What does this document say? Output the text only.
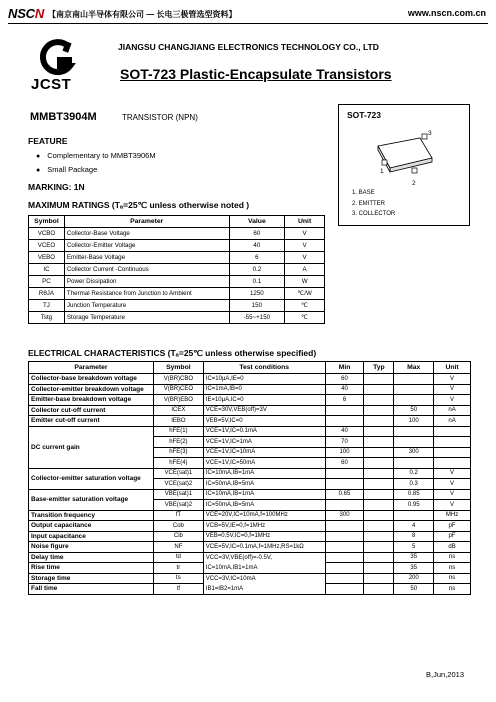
NSCN 【南京南山半导体有限公司 — 长电三极管选型资料】	www.nscn.com.cn
JCST
JIANGSU CHANGJIANG ELECTRONICS TECHNOLOGY CO., LTD
SOT-723 Plastic-Encapsulate Transistors
MMBT3904M	TRANSISTOR (NPN)	SOT-723
3
1
2
1. BASE
2. EMITTER
3. COLLECTOR
FEATURE
● Complementary to MMBT3906M
● Small Package
MARKING: 1N
MAXIMUM RATINGS (Tₐ=25℃ unless otherwise noted )
Symbol	Parameter	Value	Unit
VCBO	Collector-Base Voltage	60	V
VCEO	Collector-Emitter Voltage	40	V
VEBO	Emitter-Base Voltage	6	V
IC	Collector Current -Continuous	0.2	A
PC	Power Dissipation	0.1	W
RθJA	Thermal Resistance from Junction to Ambient	1250	℃/W
TJ	Junction Temperature	150	℃
Tstg	Storage Temperature	-55~+150	℃
ELECTRICAL CHARACTERISTICS (Tₐ=25℃ unless otherwise specified)
Parameter	Symbol	Test conditions	Min	Typ	Max	Unit
Collector-base breakdown voltage	V(BR)CBO	IC=10μA,IE=0	60			V
Collector-emitter breakdown voltage	V(BR)CEO	IC=1mA,IB=0	40			V
Emitter-base breakdown voltage	V(BR)EBO	IE=10μA,IC=0	6			V
Collector cut-off current	ICEX	VCE=30V,VEB(off)=3V			50	nA
Emitter cut-off current	IEBO	VEB=5V,IC=0			100	nA
DC current gain	hFE(1)	VCE=1V,IC=0.1mA	40			
	hFE(2)	VCE=1V,IC=1mA	70			
	hFE(3)	VCE=1V,IC=10mA	100		300	
	hFE(4)	VCE=1V,IC=50mA	60			
Collector-emitter saturation voltage	VCE(sat)1	IC=10mA,IB=1mA			0.2	V
	VCE(sat)2	IC=50mA,IB=5mA			0.3	V
Base-emitter saturation voltage	VBE(sat)1	IC=10mA,IB=1mA	0.65		0.85	V
	VBE(sat)2	IC=50mA,IB=5mA			0.95	V
Transition frequency	fT	VCE=20V,IC=10mA,f=100MHz	300			MHz
Output capacitance	Cob	VCB=5V,IE=0,f=1MHz			4	pF
Input capacitance	Cib	VEB=0.5V,IC=0,f=1MHz			8	pF
Noise figure	NF	VCE=5V,IC=0.1mA,f=1MHz,RS=1kΩ			5	dB
Delay time	td	VCC=3V,VBE(off)=-0.5V,			35	ns
Rise time	tr	IC=10mA,IB1=1mA			35	ns
Storage time	ts	VCC=3V,IC=10mA			200	ns
Fall time	tf	IB1=IB2=1mA			50	ns
B,Jun,2013
